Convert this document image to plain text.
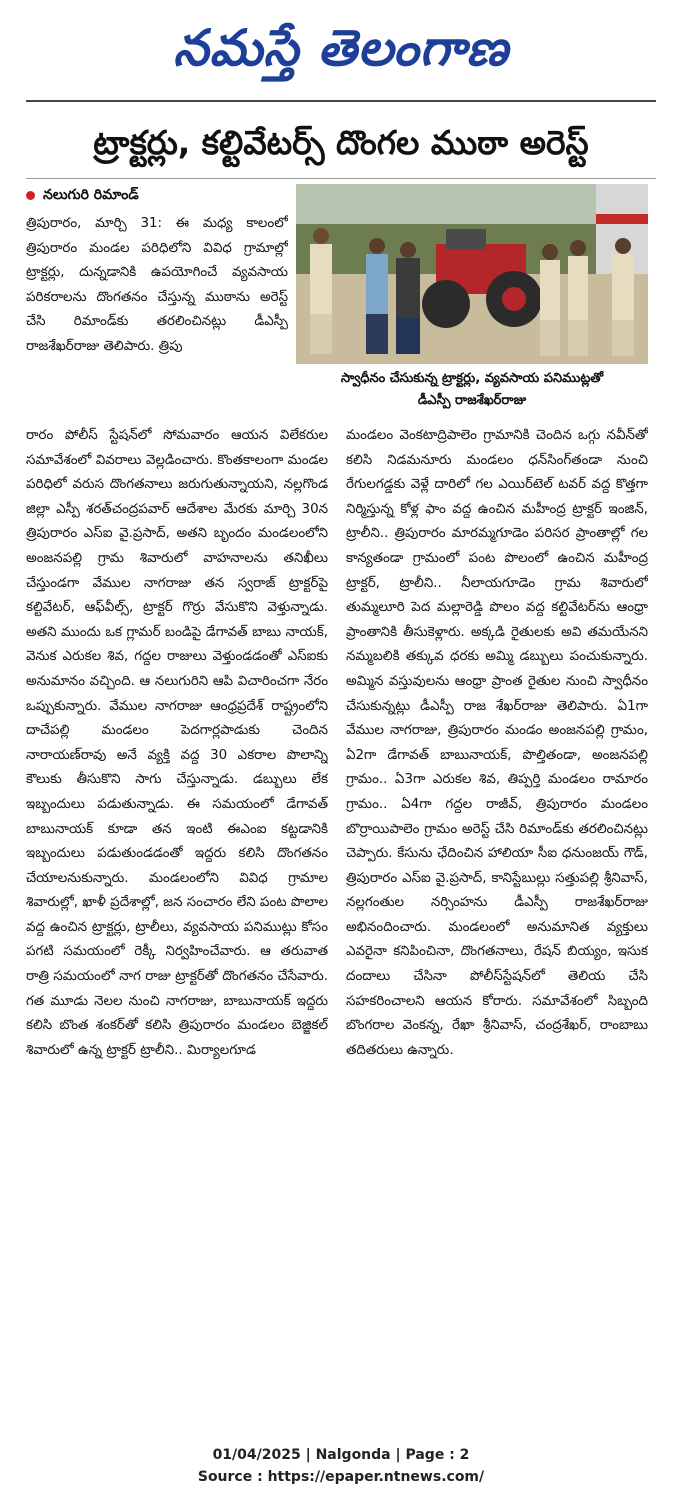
నమస్తే తెలంగాణ
ట్రాక్టర్లు, కల్టివేటర్స్ దొంగల ముఠా అరెస్ట్
నలుగురి రిమాండ్
స్వాధీనం చేసుకున్న ట్రాక్టర్లు, వ్యవసాయ పనిముట్లతో
డీఎస్పీ రాజశేఖర్‌రాజు

త్రిపురారం, మార్చి 31: ఈ మధ్య కాలంలో త్రిపురారం మండల పరిధిలోని వివిధ గ్రామాల్లో ట్రాక్టర్లు, దున్నడానికి ఉపయోగించే వ్యవసాయ పరికరాలను దొంగతనం చేస్తున్న ముఠాను అరెస్ట్ చేసి రిమాండ్‌కు తరలించినట్లు డీఎస్పీ రాజశేఖర్‌రాజు తెలిపారు. త్రిపు

రారం పోలీస్ స్టేషన్‌లో సోమవారం ఆయన విలేకరుల సమావేశంలో వివరాలు వెల్లడించారు. కొంతకాలంగా మండల పరిధిలో వరుస దొంగతనాలు జరుగుతున్నాయని, నల్లగొండ జిల్లా ఎస్పీ శరత్‌చంద్రపవార్ ఆదేశాల మేరకు మార్చి 30న త్రిపురారం ఎస్ఐ వై.ప్రసాద్, అతని బృందం మండలంలోని అంజనపల్లి గ్రామ శివారులో వాహనాలను తనిఖీలు చేస్తుండగా వేముల నాగరాజు తన స్వరాజ్ ట్రాక్టర్‌పై కల్టివేటర్, ఆఫ్‌వీల్స్, ట్రాక్టర్ గొర్రు వేసుకొని వెళ్తున్నాడు. అతని ముందు ఒక గ్లామర్ బండిపై డేగావత్ బాబు నాయక్, వెనుక ఎరుకల శివ, గద్దల రాజులు వెళ్తుండడంతో ఎస్ఐకు అనుమానం వచ్చింది. ఆ నలుగురిని ఆపి విచారించగా నేరం ఒప్పుకున్నారు. వేముల నాగరాజు ఆంధ్రప్రదేశ్ రాష్ట్రంలోని దాచేపల్లి మండలం పెదగార్లపాడుకు చెందిన నారాయణ్‌రావు అనే వ్యక్తి వద్ద 30 ఎకరాల పొలాన్ని కౌలుకు తీసుకొని సాగు చేస్తున్నాడు. డబ్బులు లేక ఇబ్బందులు పడుతున్నాడు. ఈ సమయంలో డేగావత్ బాబునాయక్ కూడా తన ఇంటి ఈఎంఐ కట్టడానికి ఇబ్బందులు పడుతుండడంతో ఇద్దరు కలిసి దొంగతనం చేయాలనుకున్నారు. మండలంలోని వివిధ గ్రామాల శివారుల్లో, ఖాళీ ప్రదేశాల్లో, జన సంచారం లేని పంట పొలాల వద్ద ఉంచిన ట్రాక్టర్లు, ట్రాలీలు, వ్యవసాయ పనిముట్లు కోసం పగటి సమయంలో రెక్కీ నిర్వహించేవారు. ఆ తరువాత రాత్రి సమయంలో నాగ రాజు ట్రాక్టర్‌తో దొంగతనం చేసేవారు. గత మూడు నెలల నుంచి నాగరాజు, బాబునాయక్ ఇద్దరు కలిసి బొంత శంకర్‌తో కలిసి త్రిపురారం మండలం బెజ్జికల్ శివారులో ఉన్న ట్రాక్టర్ ట్రాలీని.. మిర్యాలగూడ

మండలం వెంకటాద్రిపాలెం గ్రామానికి చెందిన ఒగ్గు నవీన్‌తో కలిసి నిడమనూరు మండలం ధన్‌సింగ్‌తండా నుంచి రేగులగడ్డకు వెళ్లే దారిలో గల ఎయిర్‌టెల్ టవర్ వద్ద కొత్తగా నిర్మిస్తున్న కోళ్ల ఫాం వద్ద ఉంచిన మహీంద్ర ట్రాక్టర్ ఇంజిన్, ట్రాలీని.. త్రిపురారం మారమ్మగూడెం పరిసర ప్రాంతాల్లో గల కాన్యతండా గ్రామంలో పంట పొలంలో ఉంచిన మహీంద్ర ట్రాక్టర్, ట్రాలీని.. నీలాయగూడెం గ్రామ శివారులో తుమ్మలూరి పెద మల్లారెడ్డి పొలం వద్ద కల్టివేటర్‌ను ఆంధ్రా ప్రాంతానికి తీసుకెళ్లారు. అక్కడి రైతులకు అవి తమయేనని నమ్మబలికి తక్కువ ధరకు అమ్మి డబ్బులు పంచుకున్నారు. అమ్మిన వస్తువులను ఆంధ్రా ప్రాంత రైతుల నుంచి స్వాధీనం చేసుకున్నట్లు డీఎస్పీ రాజ శేఖర్‌రాజు తెలిపారు. ఏ1గా వేముల నాగరాజు, త్రిపురారం మండం అంజనపల్లి గ్రామం, ఏ2గా డేగావత్ బాబునాయక్, పొల్తితండా, అంజనపల్లి గ్రామం.. ఏ3గా ఎరుకల శివ, తిప్పర్తి మండలం రామారం గ్రామం.. ఏ4గా గద్దల రాజీవ్, త్రిపురారం మండలం బొర్రాయిపాలెం గ్రామం అరెస్ట్ చేసి రిమాండ్‌కు తరలించినట్లు చెప్పారు. కేసును ఛేదించిన హాలియా సీఐ ధనుంజయ్ గౌడ్, త్రిపురారం ఎస్ఐ వై.ప్రసాద్, కానిస్టేబుల్లు సత్తుపల్లి శ్రీనివాస్, నల్లగంతుల నర్సింహను డీఎస్పీ రాజశేఖర్‌రాజు అభినందించారు. మండలంలో అనుమానిత వ్యక్తులు ఎవరైనా కనిపించినా, దొంగతనాలు, రేషన్ బియ్యం, ఇసుక దందాలు చేసినా పోలీస్‌స్టేషన్‌లో తెలియ చేసి సహకరించాలని ఆయన కోరారు. సమావేశంలో సిబ్బంది బొంగరాల వెంకన్న, రేఖా శ్రీనివాస్, చంద్రశేఖర్, రాంబాబు తదితరులు ఉన్నారు.

01/04/2025 | Nalgonda | Page : 2
Source : https://epaper.ntnews.com/
